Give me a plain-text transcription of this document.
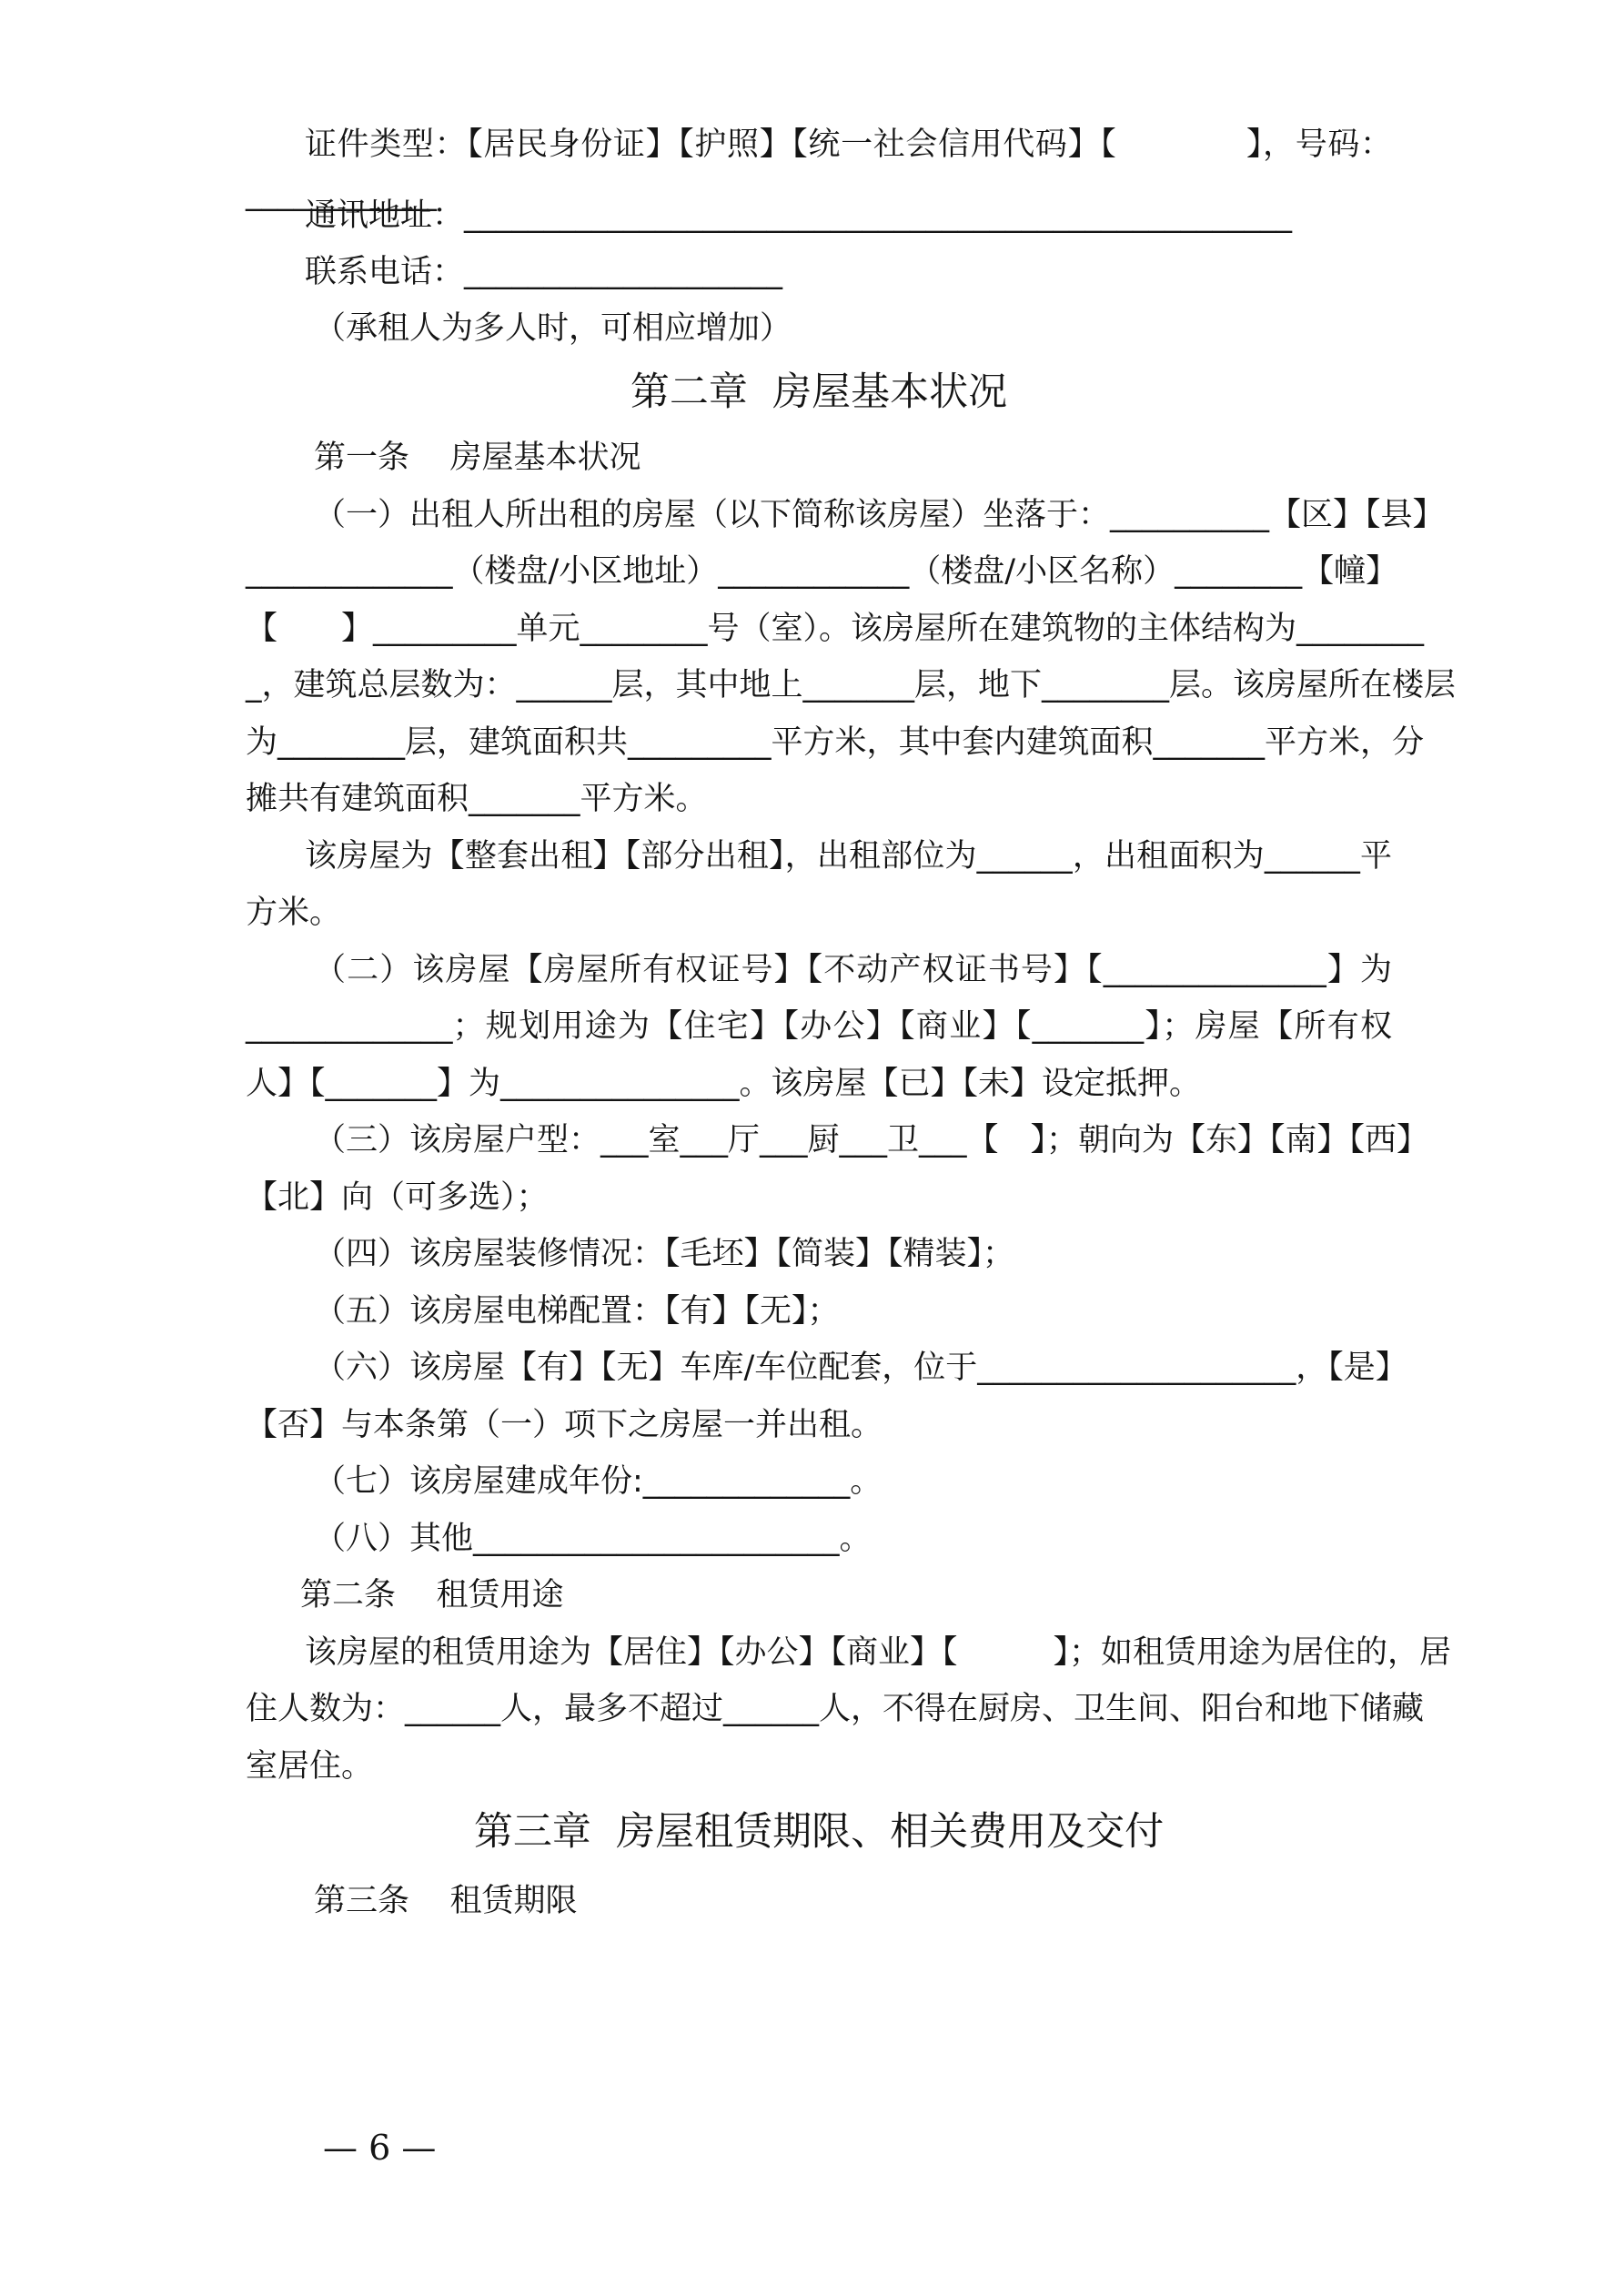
证件类型：【居民身份证】【护照】【统一社会信用代码】【　　　　】，号码：
____________
通讯地址：____________________________________________________
联系电话：____________________
（承租人为多人时，可相应增加）
第二章  房屋基本状况
第一条    房屋基本状况
（一）出租人所出租的房屋（以下简称该房屋）坐落于：__________【区】【县】
_____________（楼盘/小区地址）____________（楼盘/小区名称）________【幢】
【　　】_________单元________号（室）。该房屋所在建筑物的主体结构为________
_，建筑总层数为：______层，其中地上_______层，地下________层。该房屋所在楼层
为________层，建筑面积共_________平方米，其中套内建筑面积_______平方米，分
摊共有建筑面积_______平方米。
该房屋为【整套出租】【部分出租】，出租部位为______，出租面积为______平
方米。
（二）该房屋【房屋所有权证号】【不动产权证书号】【______________】为
_____________；规划用途为【住宅】【办公】【商业】【_______】；房屋【所有权
人】【_______】为_______________。该房屋【已】【未】设定抵押。
（三）该房屋户型：___室___厅___厨___卫___【　】；朝向为【东】【南】【西】
【北】向（可多选）；
（四）该房屋装修情况：【毛坯】【简装】【精装】；
（五）该房屋电梯配置：【有】【无】；
（六）该房屋【有】【无】车库/车位配套，位于____________________，【是】
【否】与本条第（一）项下之房屋一并出租。
（七）该房屋建成年份:_____________。
（八）其他_______________________。
第二条    租赁用途
该房屋的租赁用途为【居住】【办公】【商业】【　　　】；如租赁用途为居住的，居
住人数为：______人，最多不超过______人，不得在厨房、卫生间、阳台和地下储藏
室居住。
第三章  房屋租赁期限、相关费用及交付
第三条    租赁期限
— 6 —
